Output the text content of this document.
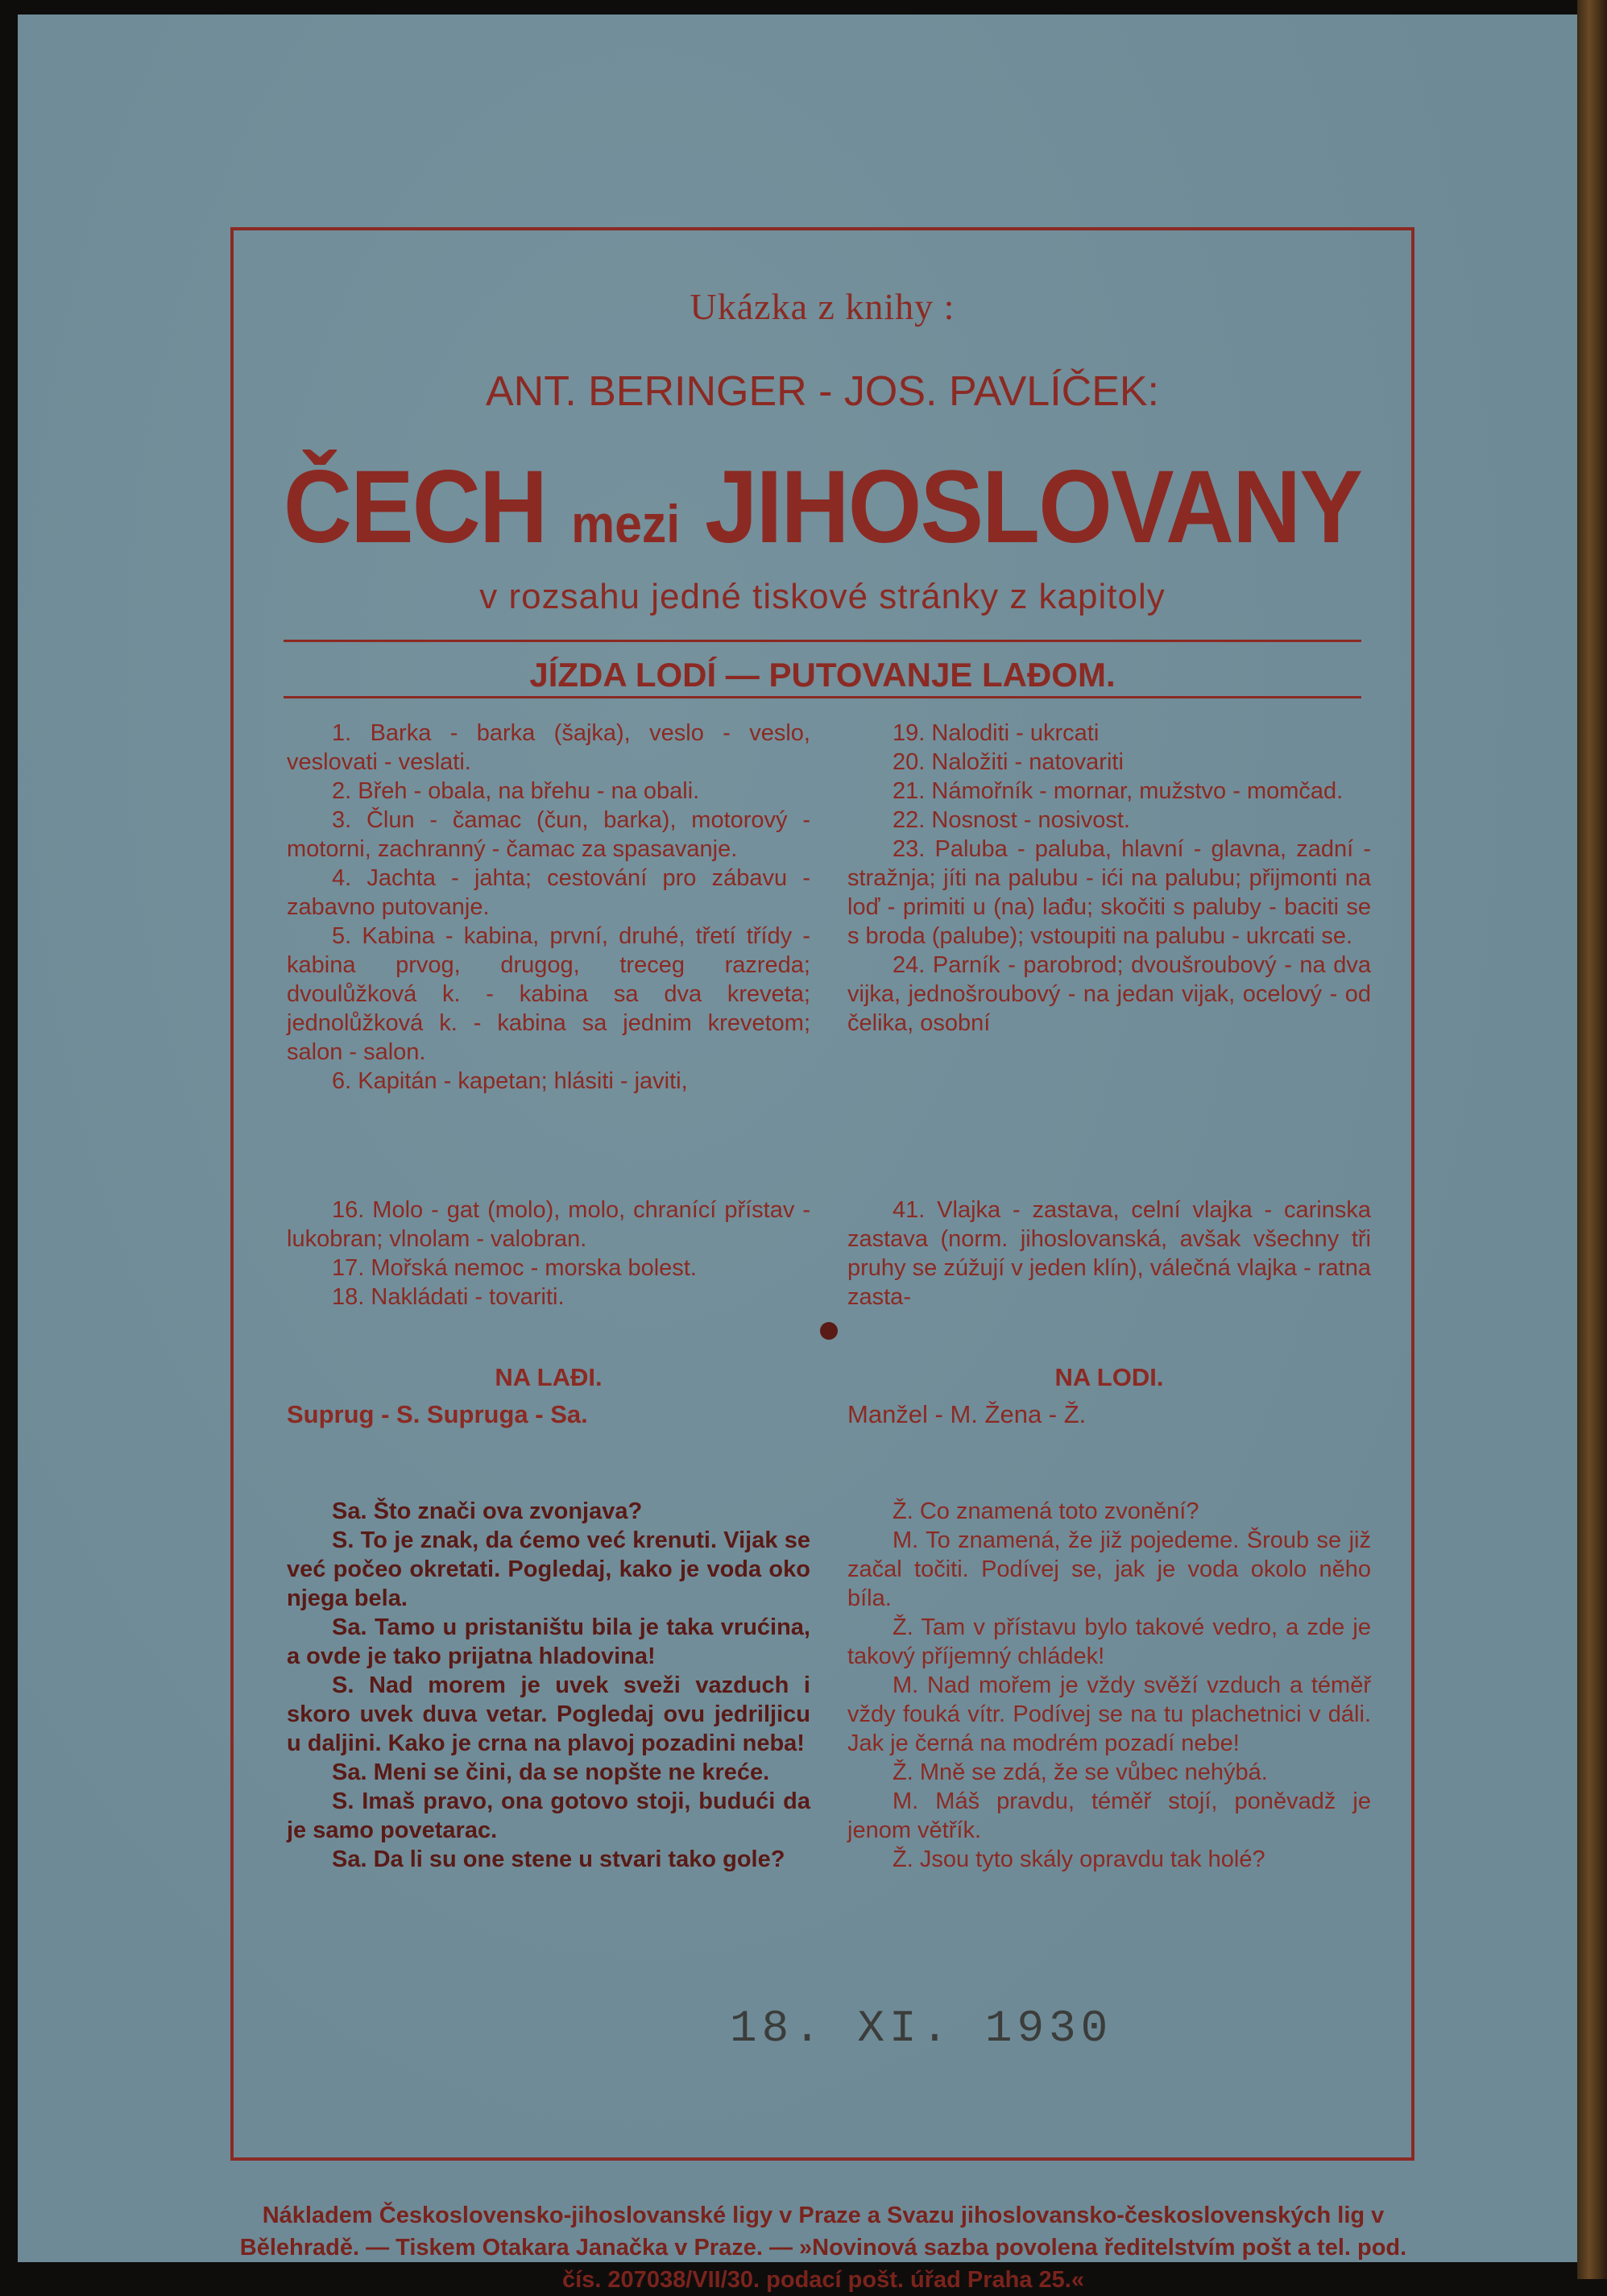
Ukázka z knihy :
ANT. BERINGER - JOS. PAVLÍČEK:
ČECH mezi JIHOSLOVANY
v rozsahu jedné tiskové stránky z kapitoly
JÍZDA LODÍ — PUTOVANJE LAĐOM.

1. Barka - barka (šajka), veslo - veslo, veslovati - veslati.

2. Břeh - obala, na břehu - na obali.

3. Člun - čamac (čun, barka), motorový - motorni, zachranný - čamac za spasavanje.

4. Jachta - jahta; cestování pro zábavu - zabavno putovanje.

5. Kabina - kabina, první, druhé, třetí třídy - kabina prvog, drugog, treceg razreda; dvoulůžková k. - kabina sa dva kreveta; jednolůžková k. - kabina sa jednim krevetom; salon - salon.

6. Kapitán - kapetan; hlásiti - javiti,

19. Naloditi - ukrcati

20. Naložiti - natovariti

21. Námořník - mornar, mužstvo - momčad.

22. Nosnost - nosivost.

23. Paluba - paluba, hlavní - glavna, zadní - stražnja; jíti na palubu - ići na palubu; přijmonti na loď - primiti u (na) lađu; skočiti s paluby - baciti se s broda (palube); vstoupiti na palubu - ukrcati se.

24. Parník - parobrod; dvoušroubový - na dva vijka, jednošroubový - na jedan vijak, ocelový - od čelika, osobní

16. Molo - gat (molo), molo, chranící přístav - lukobran; vlnolam - valobran.

17. Mořská nemoc - morska bolest.

18. Nakládati - tovariti.

41. Vlajka - zastava, celní vlajka - carinska zastava (norm. jihoslovanská, avšak všechny tři pruhy se zúžují v jeden klín), válečná vlajka - ratna zasta-

NA LAĐI.

Suprug - S. Supruga - Sa.

NA LODI.

Manžel - M. Žena - Ž.

Sa. Što znači ova zvonjava?

S. To je znak, da ćemo već krenuti. Vijak se već počeo okretati. Pogledaj, kako je voda oko njega bela.

Sa. Tamo u pristaništu bila je taka vrućina, a ovde je tako prijatna hladovina!

S. Nad morem je uvek sveži vazduch i skoro uvek duva vetar. Pogledaj ovu jedriljicu u daljini. Kako je crna na plavoj pozadini neba!

Sa. Meni se čini, da se nopšte ne kreće.

S. Imaš pravo, ona gotovo stoji, budući da je samo povetarac.

Sa. Da li su one stene u stvari tako gole?

Ž. Co znamená toto zvonění?

M. To znamená, že již pojedeme. Šroub se již začal točiti. Podívej se, jak je voda okolo něho bíla.

Ž. Tam v přístavu bylo takové vedro, a zde je takový příjemný chládek!

M. Nad mořem je vždy svěží vzduch a téměř vždy fouká vítr. Podívej se na tu plachetnici v dáli. Jak je černá na modrém pozadí nebe!

Ž. Mně se zdá, že se vůbec nehýbá.

M. Máš pravdu, téměř stojí, poněvadž je jenom větřík.

Ž. Jsou tyto skály opravdu tak holé?

18. XI. 1930
Nákladem Československo-jihoslovanské ligy v Praze a Svazu jihoslovansko-československých lig v Bělehradě. — Tiskem Otakara Janačka v Praze. — »Novinová sazba povolena ředitelstvím pošt a tel. pod. čís. 207038/VII/30. podací pošt. úřad Praha 25.«
